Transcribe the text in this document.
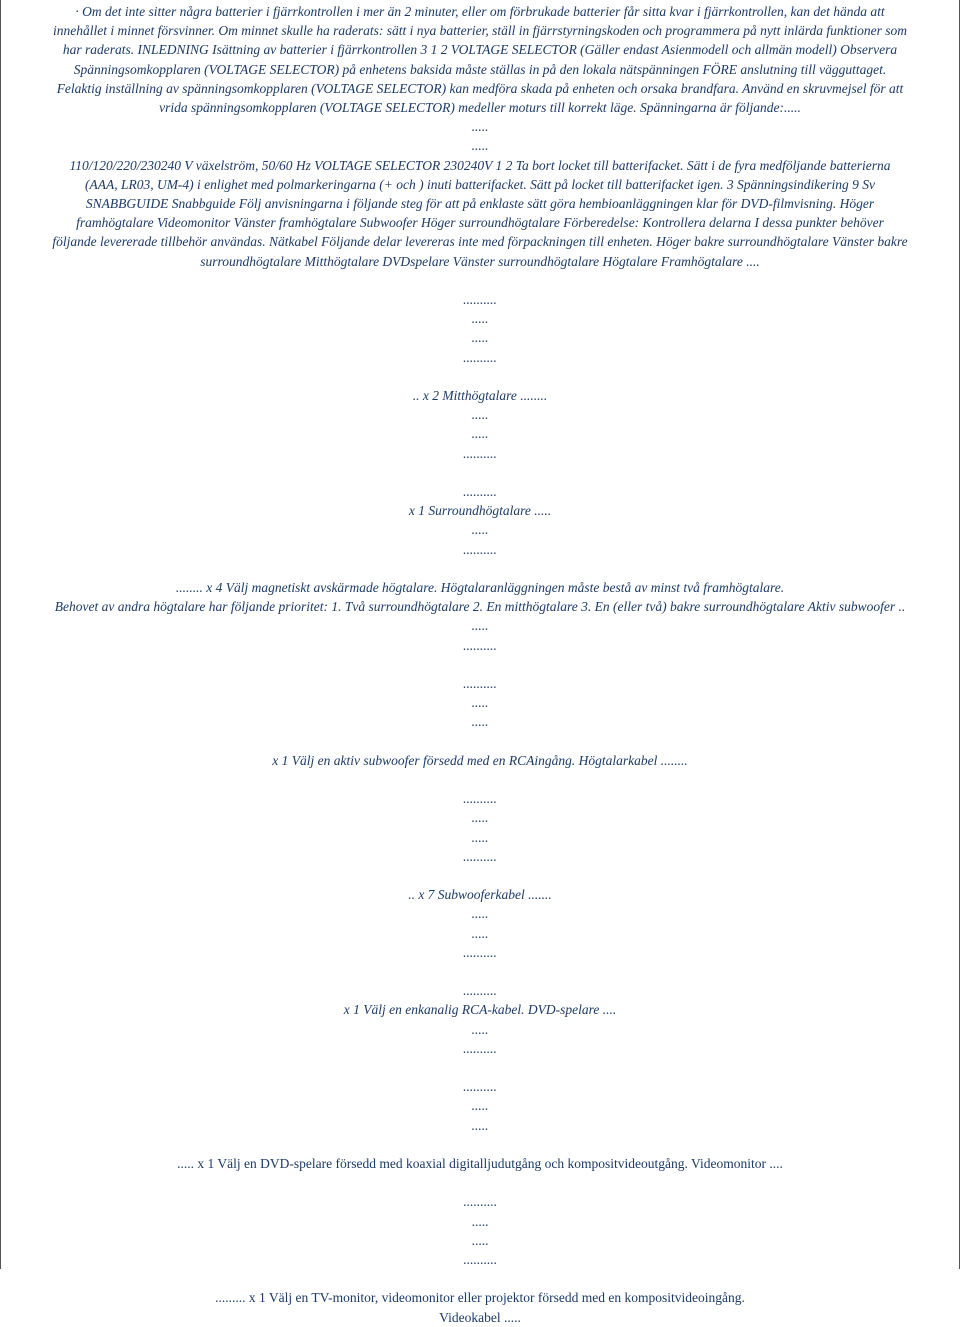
· Om det inte sitter några batterier i fjärrkontrollen i mer än 2 minuter, eller om förbrukade batterier får sitta kvar i fjärrkontrollen, kan det hända att
innehållet i minnet försvinner. Om minnet skulle ha raderats: sätt i nya batterier, ställ in fjärrstyrningskoden och programmera på nytt inlärda funktioner som
har raderats. INLEDNING Isättning av batterier i fjärrkontrollen 3 1 2 VOLTAGE SELECTOR (Gäller endast Asienmodell och allmän modell) Observera
Spänningsomkopplaren (VOLTAGE SELECTOR) på enhetens baksida måste ställas in på den lokala nätspänningen FÖRE anslutning till vägguttaget.
Felaktig inställning av spänningsomkopplaren (VOLTAGE SELECTOR) kan medföra skada på enheten och orsaka brandfara. Använd en skruvmejsel för att
vrida spänningsomkopplaren (VOLTAGE SELECTOR) medeller moturs till korrekt läge. Spänningarna är följande:.....
.....
.....
110/120/220/230240 V växelström, 50/60 Hz VOLTAGE SELECTOR 230240V 1 2 Ta bort locket till batterifacket. Sätt i de fyra medföljande batterierna
(AAA, LR03, UM-4) i enlighet med polmarkeringarna (+ och ) inuti batterifacket. Sätt på locket till batterifacket igen. 3 Spänningsindikering 9 Sv
SNABBGUIDE Snabbguide Följ anvisningarna i följande steg för att på enklaste sätt göra hembioanläggningen klar för DVD-filmvisning. Höger
framhögtalare Videomonitor Vänster framhögtalare Subwoofer Höger surroundhögtalare Förberedelse: Kontrollera delarna I dessa punkter behöver
följande levererade tillbehör användas. Nätkabel Följande delar levereras inte med förpackningen till enheten. Höger bakre surroundhögtalare Vänster bakre
surroundhögtalare Mitthögtalare DVDspelare Vänster surroundhögtalare Högtalare Framhögtalare ....
..........
.....
.....
..........
.. x 2 Mitthögtalare ........
.....
.....
..........
..........
x 1 Surroundhögtalare .....
.....
..........
........ x 4 Välj magnetiskt avskärmade högtalare. Högtalaranläggningen måste bestå av minst två framhögtalare.
Behovet av andra högtalare har följande prioritet: 1. Två surroundhögtalare 2. En mitthögtalare 3. En (eller två) bakre surroundhögtalare Aktiv subwoofer ..
.....
..........
..........
.....
.....
x 1 Välj en aktiv subwoofer försedd med en RCAingång. Högtalarkabel ........
..........
.....
.....
..........
.. x 7 Subwooferkabel .......
.....
.....
..........
..........
x 1 Välj en enkanalig RCA-kabel. DVD-spelare ....
.....
..........
..........
.....
.....
..... x 1 Välj en DVD-spelare försedd med koaxial digitalljudutgång och kompositvideoutgång. Videomonitor ....
..........
.....
.....
..........
......... x 1 Välj en TV-monitor, videomonitor eller projektor försedd med en kompositvideoingång.
Videokabel .....
